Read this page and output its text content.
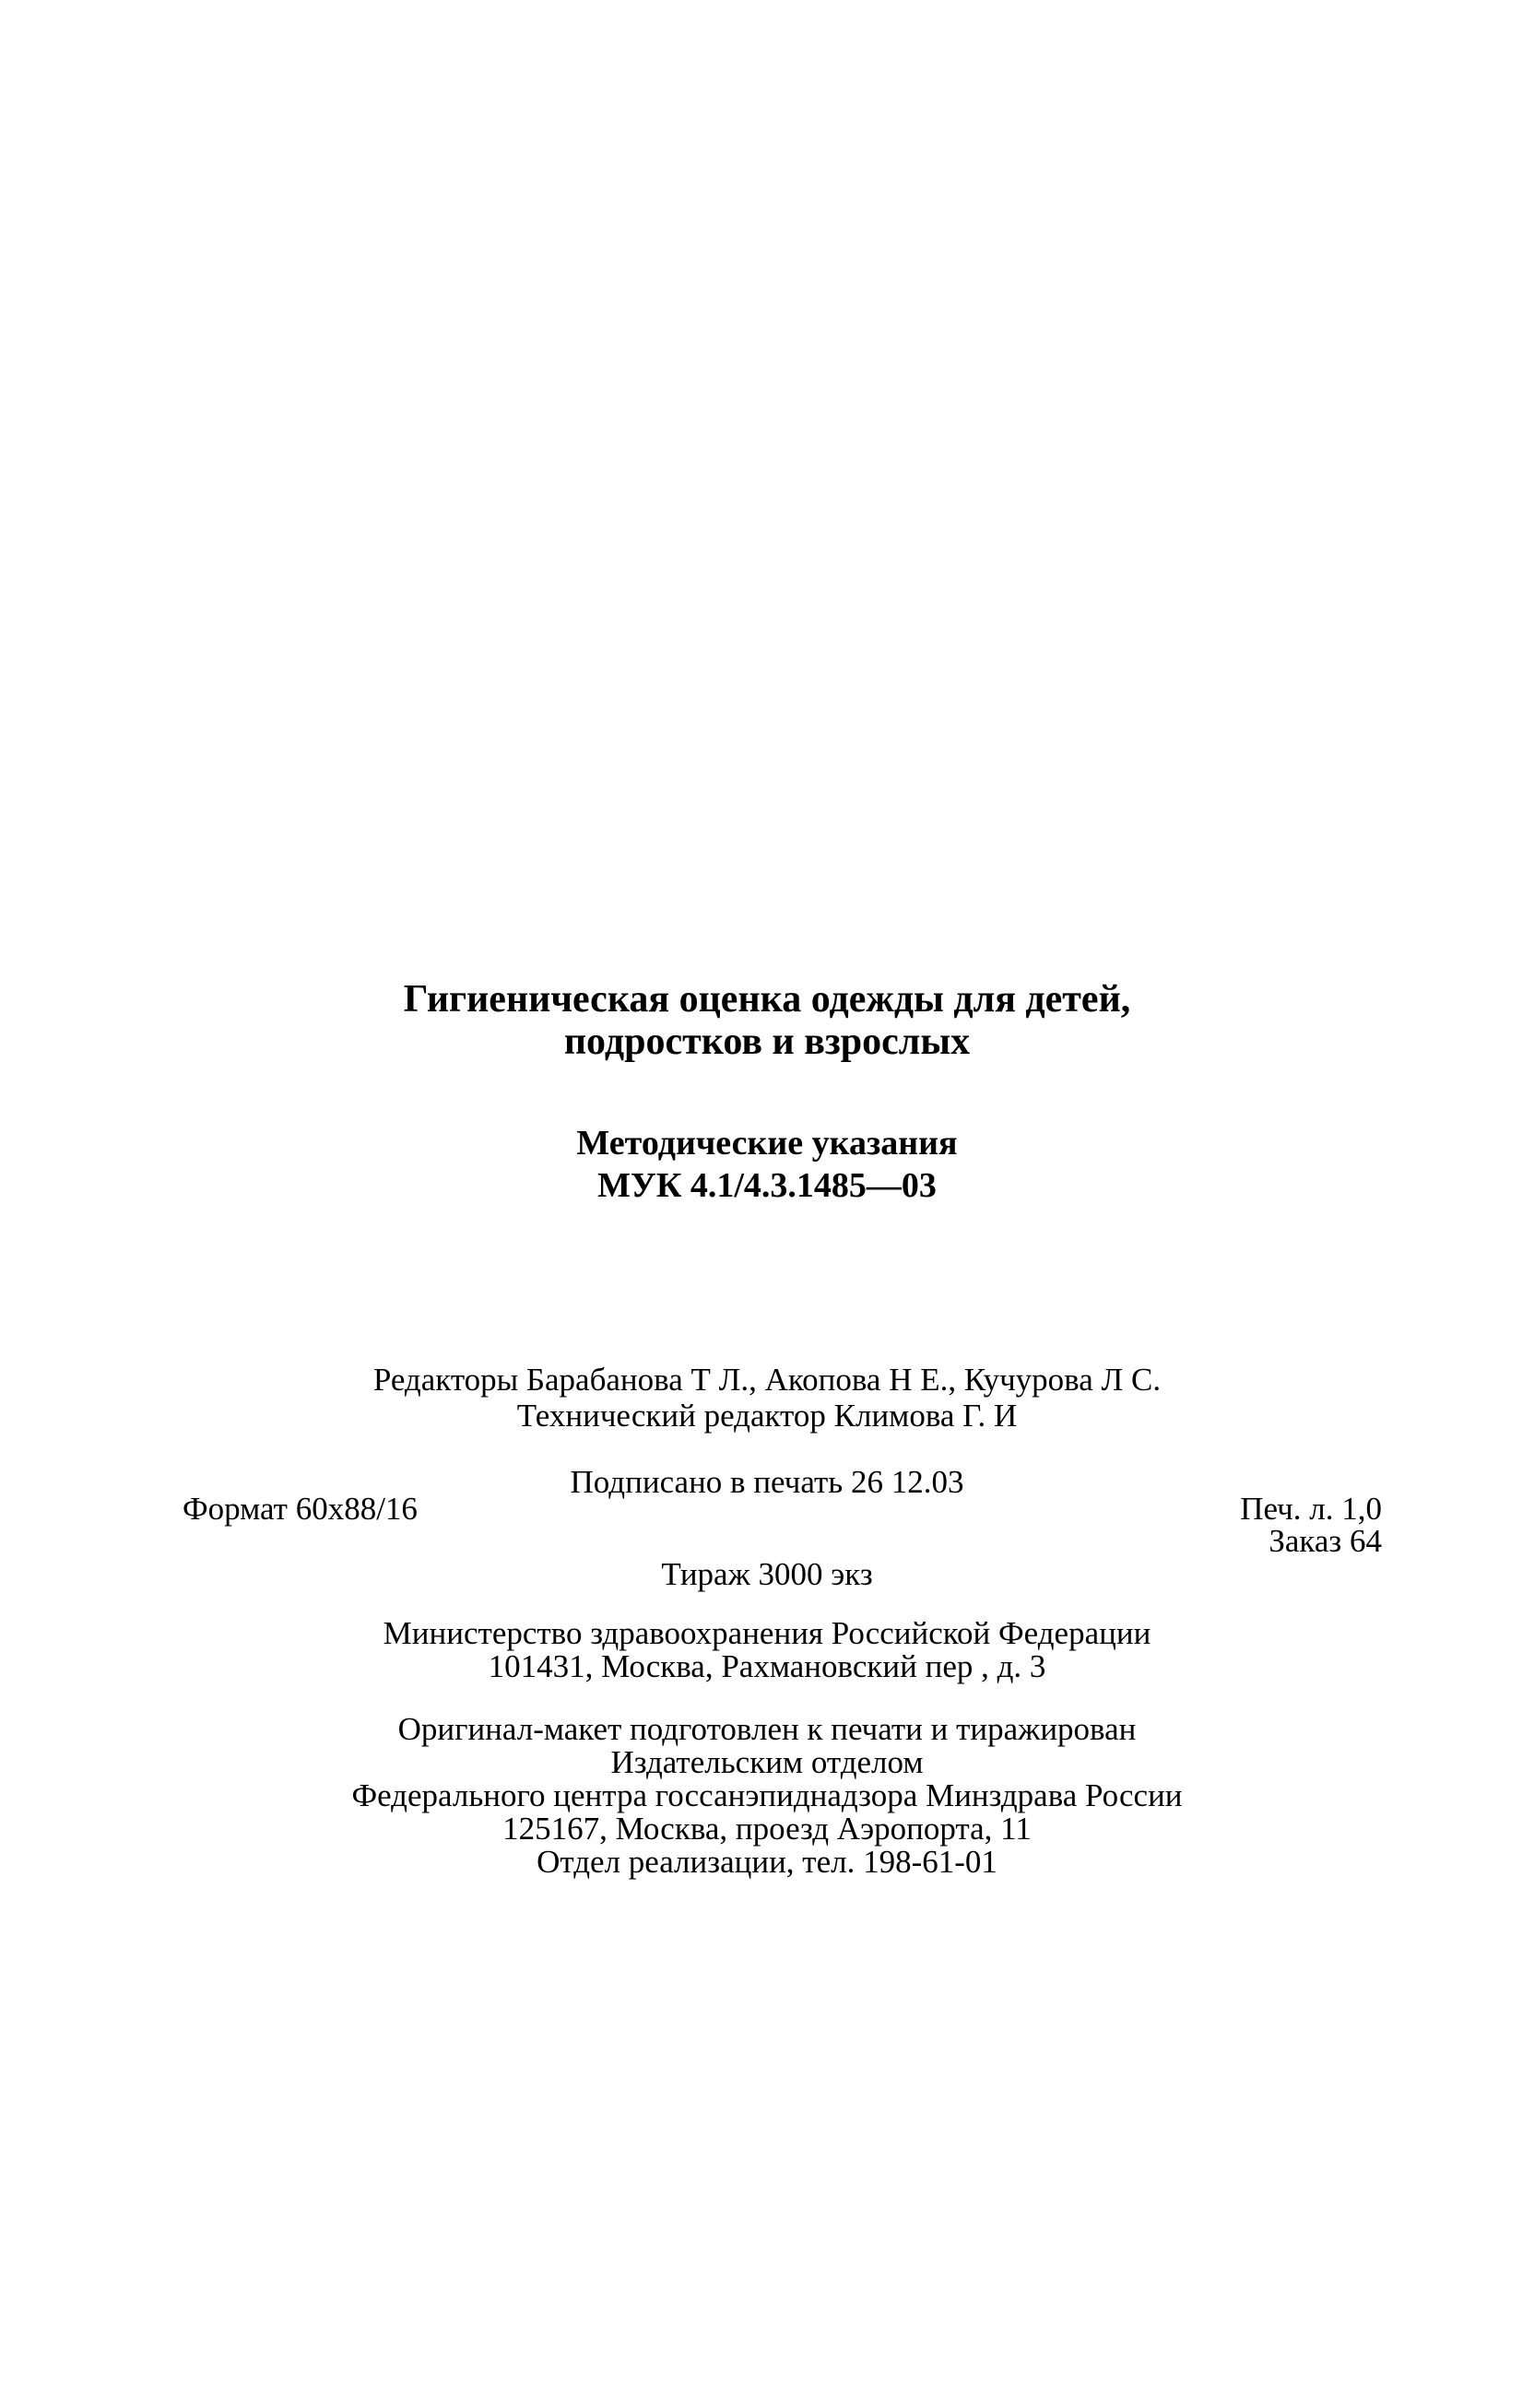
Гигиеническая оценка одежды для детей,
подростков и взрослых
Методические указания
МУК 4.1/4.3.1485—03
Редакторы Барабанова Т Л., Акопова Н Е., Кучурова Л С.
Технический редактор Климова Г. И
Подписано в печать 26 12.03
Формат 60x88/16	Печ. л. 1,0
Заказ 64
Тираж 3000 экз
Министерство здравоохранения Российской Федерации
101431, Москва, Рахмановский пер , д. 3
Оригинал-макет подготовлен к печати и тиражирован
Издательским отделом
Федерального центра госсанэпиднадзора Минздрава России
125167, Москва, проезд Аэропорта, 11
Отдел реализации, тел. 198-61-01
